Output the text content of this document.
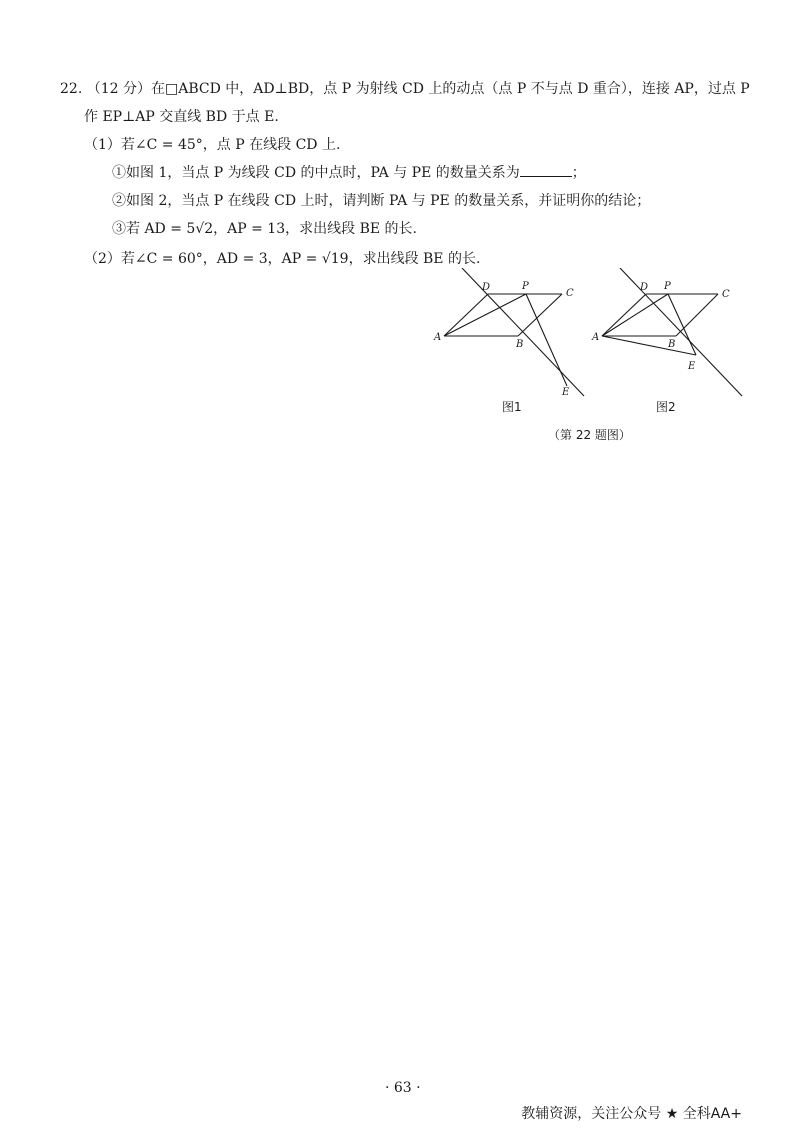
22. （12 分）在□ABCD 中，AD⊥BD，点 P 为射线 CD 上的动点（点 P 不与点 D 重合），连接 AP，过点 P
作 EP⊥AP 交直线 BD 于点 E.
（1）若∠C = 45°，点 P 在线段 CD 上.
①如图 1，当点 P 为线段 CD 的中点时，PA 与 PE 的数量关系为	；
②如图 2，当点 P 在线段 CD 上时，请判断 PA 与 PE 的数量关系，并证明你的结论；
③若 AD = 5√2，AP = 13，求出线段 BE 的长.
（2）若∠C = 60°，AD = 3，AP = √19，求出线段 BE 的长.
A
D	P
C
B
E
A
D P
C
B
E
图1	图2
（第 22 题图）
· 63 ·
教辅资源，关注公众号 ★ 全科AA+
